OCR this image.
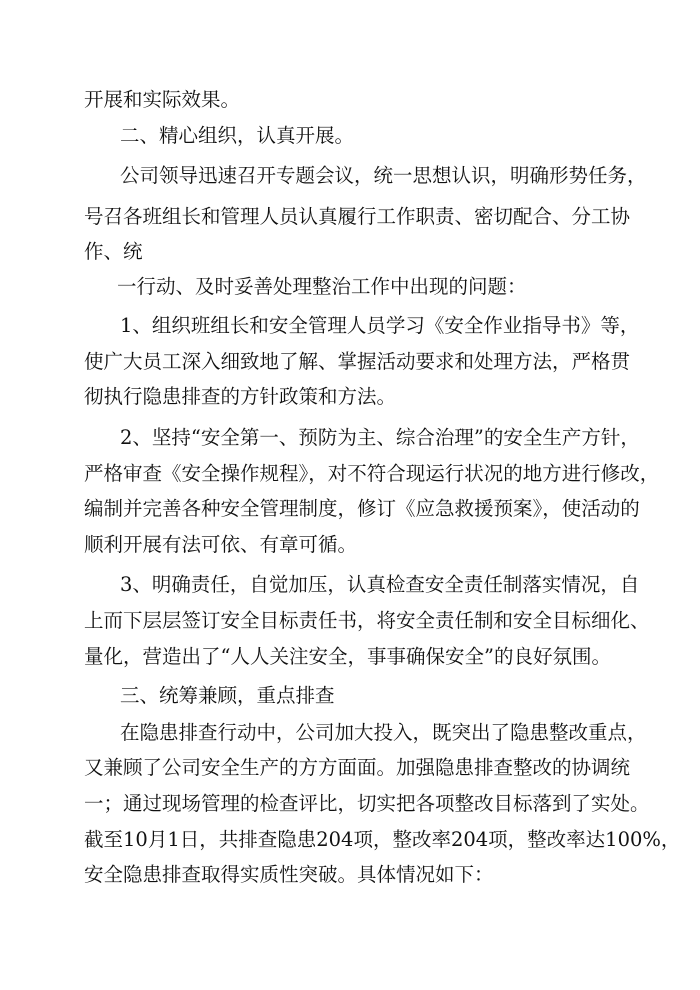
开展和实际效果。
二、精心组织，认真开展。
公司领导迅速召开专题会议，统一思想认识，明确形势任务，
号召各班组长和管理人员认真履行工作职责、密切配合、分工协
作、统
一行动、及时妥善处理整治工作中出现的问题：
1、组织班组长和安全管理人员学习《安全作业指导书》等，
使广大员工深入细致地了解、掌握活动要求和处理方法，严格贯
彻执行隐患排查的方针政策和方法。
2、坚持“安全第一、预防为主、综合治理”的安全生产方针，
严格审查《安全操作规程》，对不符合现运行状况的地方进行修改，
编制并完善各种安全管理制度，修订《应急救援预案》，使活动的
顺利开展有法可依、有章可循。
3、明确责任，自觉加压，认真检查安全责任制落实情况，自
上而下层层签订安全目标责任书，将安全责任制和安全目标细化、
量化，营造出了“人人关注安全，事事确保安全”的良好氛围。
三、统筹兼顾，重点排查
在隐患排查行动中，公司加大投入，既突出了隐患整改重点，
又兼顾了公司安全生产的方方面面。加强隐患排查整改的协调统
一；通过现场管理的检查评比，切实把各项整改目标落到了实处。
截至10月1日，共排查隐患204项，整改率204项，整改率达100%，
安全隐患排查取得实质性突破。具体情况如下：
